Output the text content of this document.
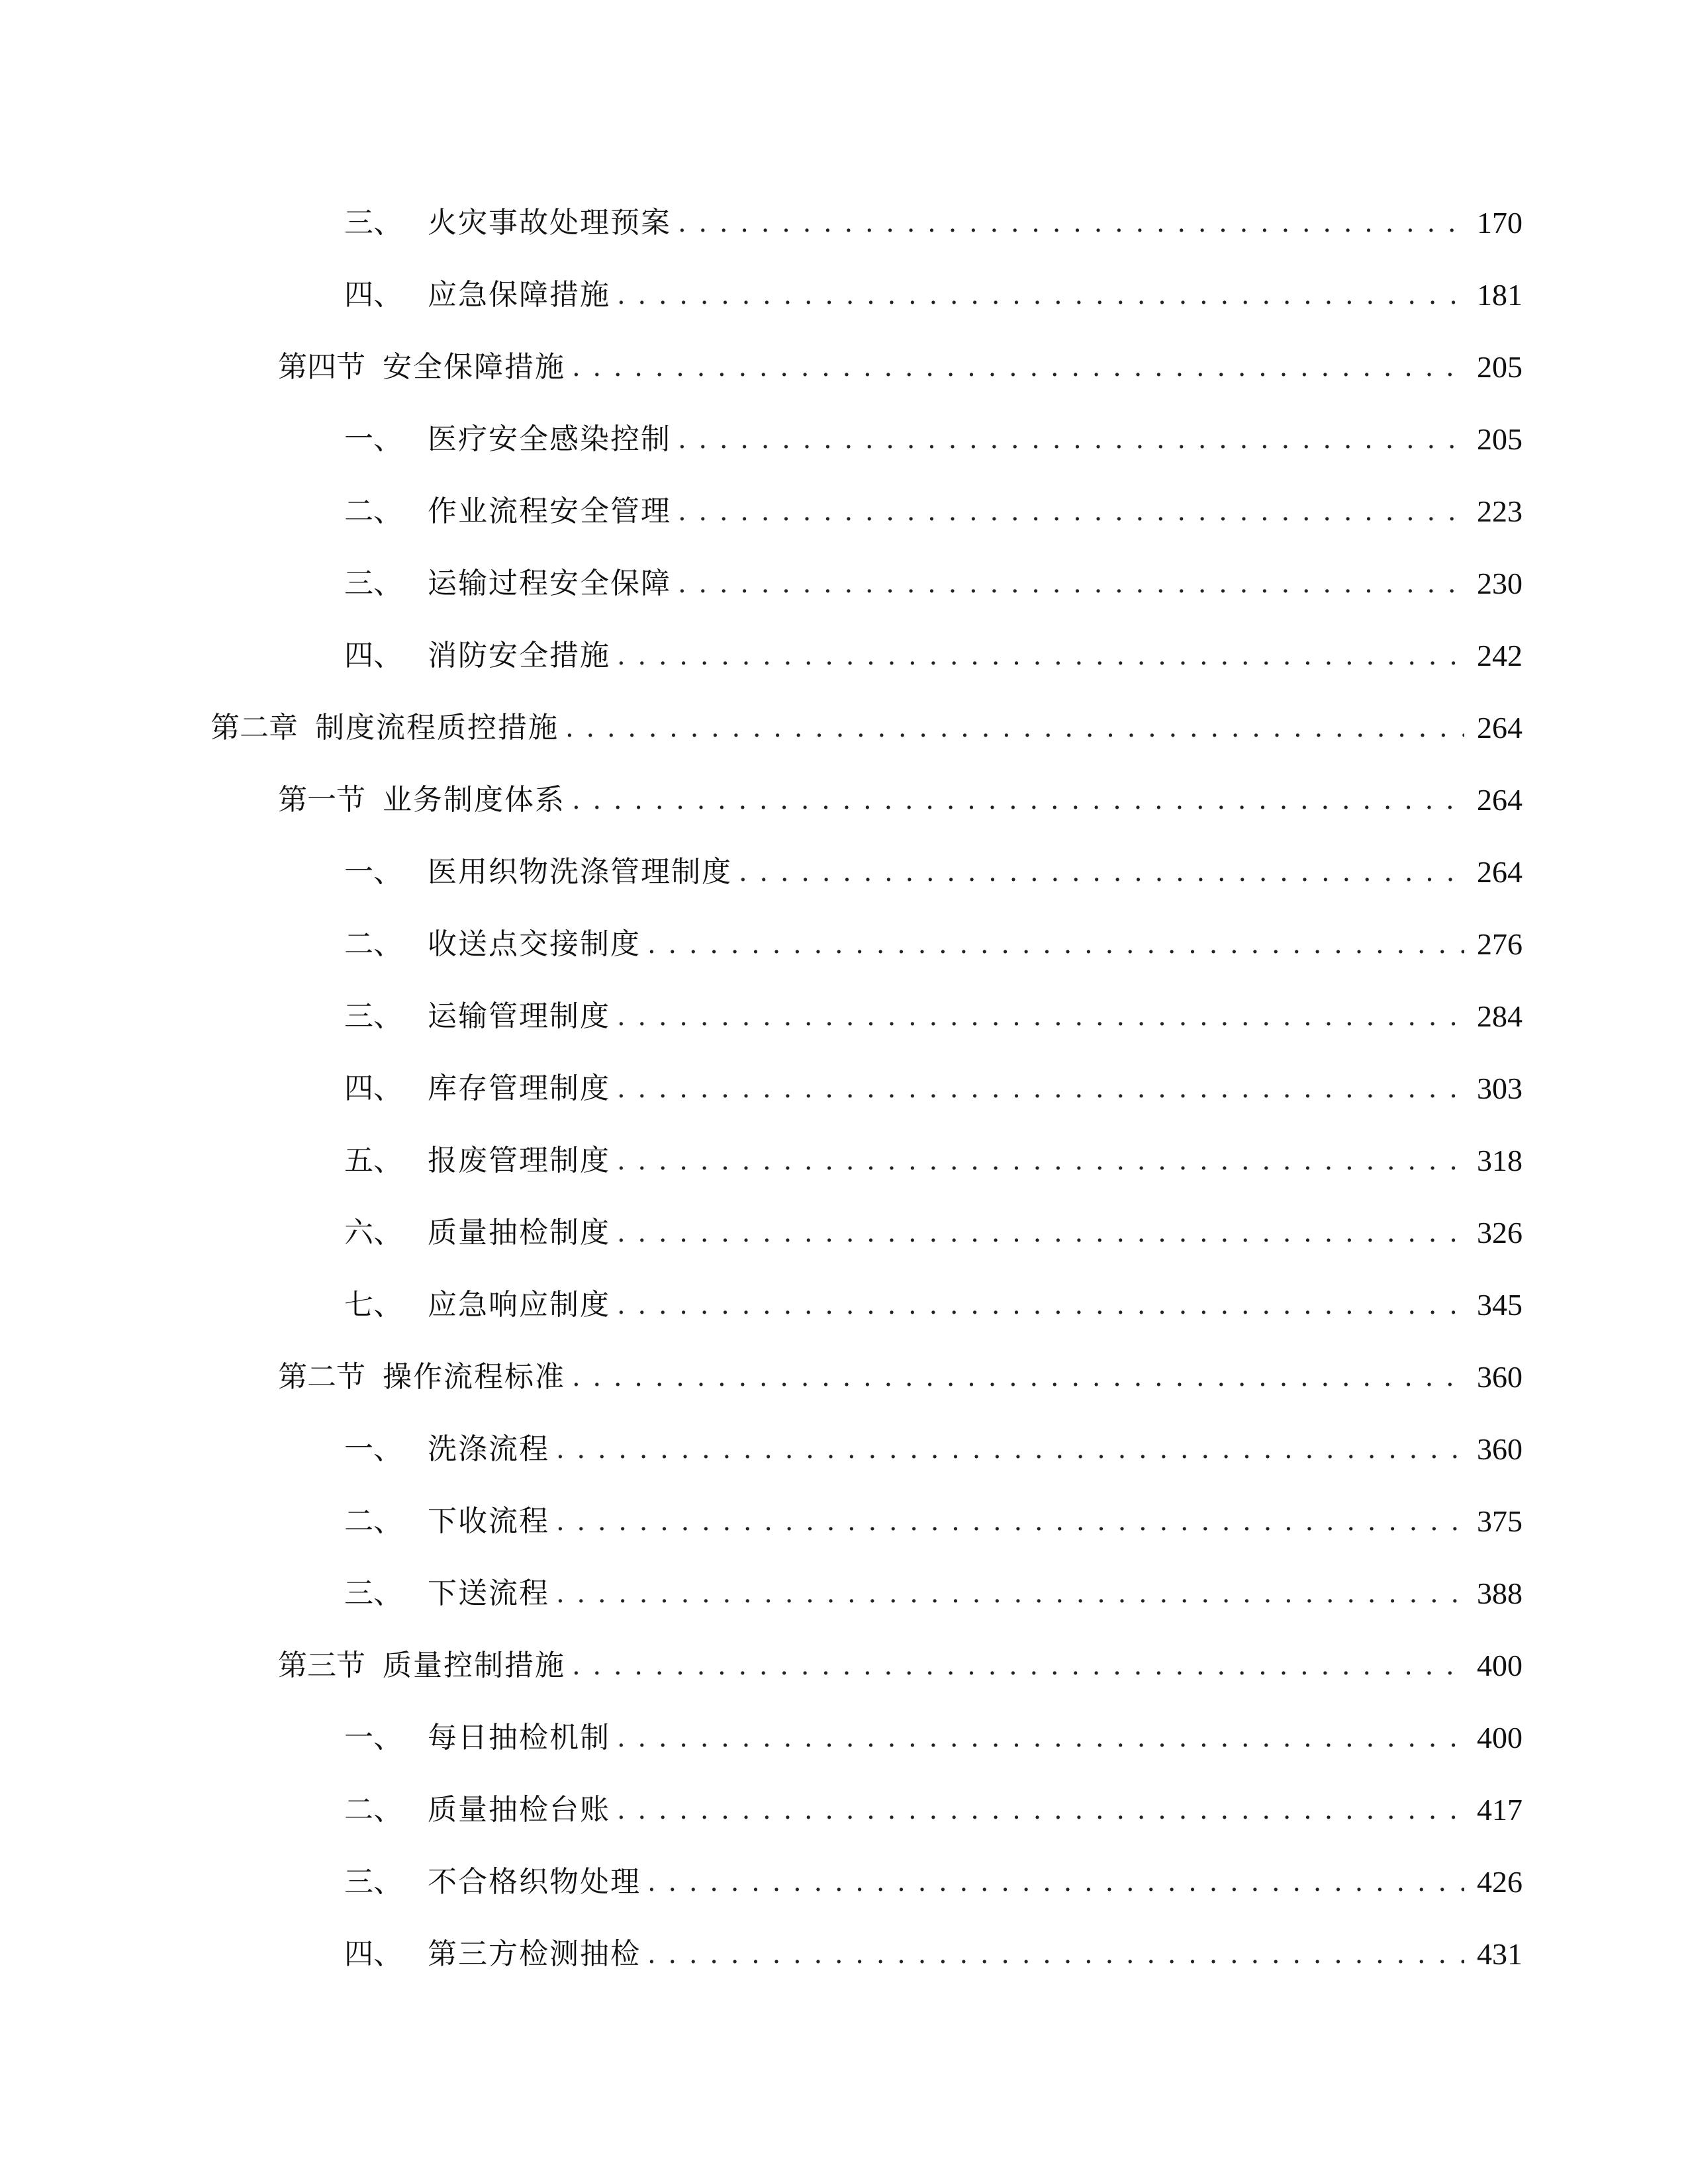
三、 火灾事故处理预案 . . .	170
四、 应急保障措施 . . .	181
第四节 安全保障措施 . . .	205
一、 医疗安全感染控制 . . .	205
二、 作业流程安全管理 . . .	223
三、 运输过程安全保障 . . .	230
四、 消防安全措施 . . .	242
第二章 制度流程质控措施 . . .	264
第一节 业务制度体系 . . .	264
一、 医用织物洗涤管理制度 . . .	264
二、 收送点交接制度 . . .	276
三、 运输管理制度 . . .	284
四、 库存管理制度 . . .	303
五、 报废管理制度 . . .	318
六、 质量抽检制度 . . .	326
七、 应急响应制度 . . .	345
第二节 操作流程标准 . . .	360
一、 洗涤流程 . . .	360
二、 下收流程 . . .	375
三、 下送流程 . . .	388
第三节 质量控制措施 . . .	400
一、 每日抽检机制 . . .	400
二、 质量抽检台账 . . .	417
三、 不合格织物处理 . . .	426
四、 第三方检测抽检 . . .	431
